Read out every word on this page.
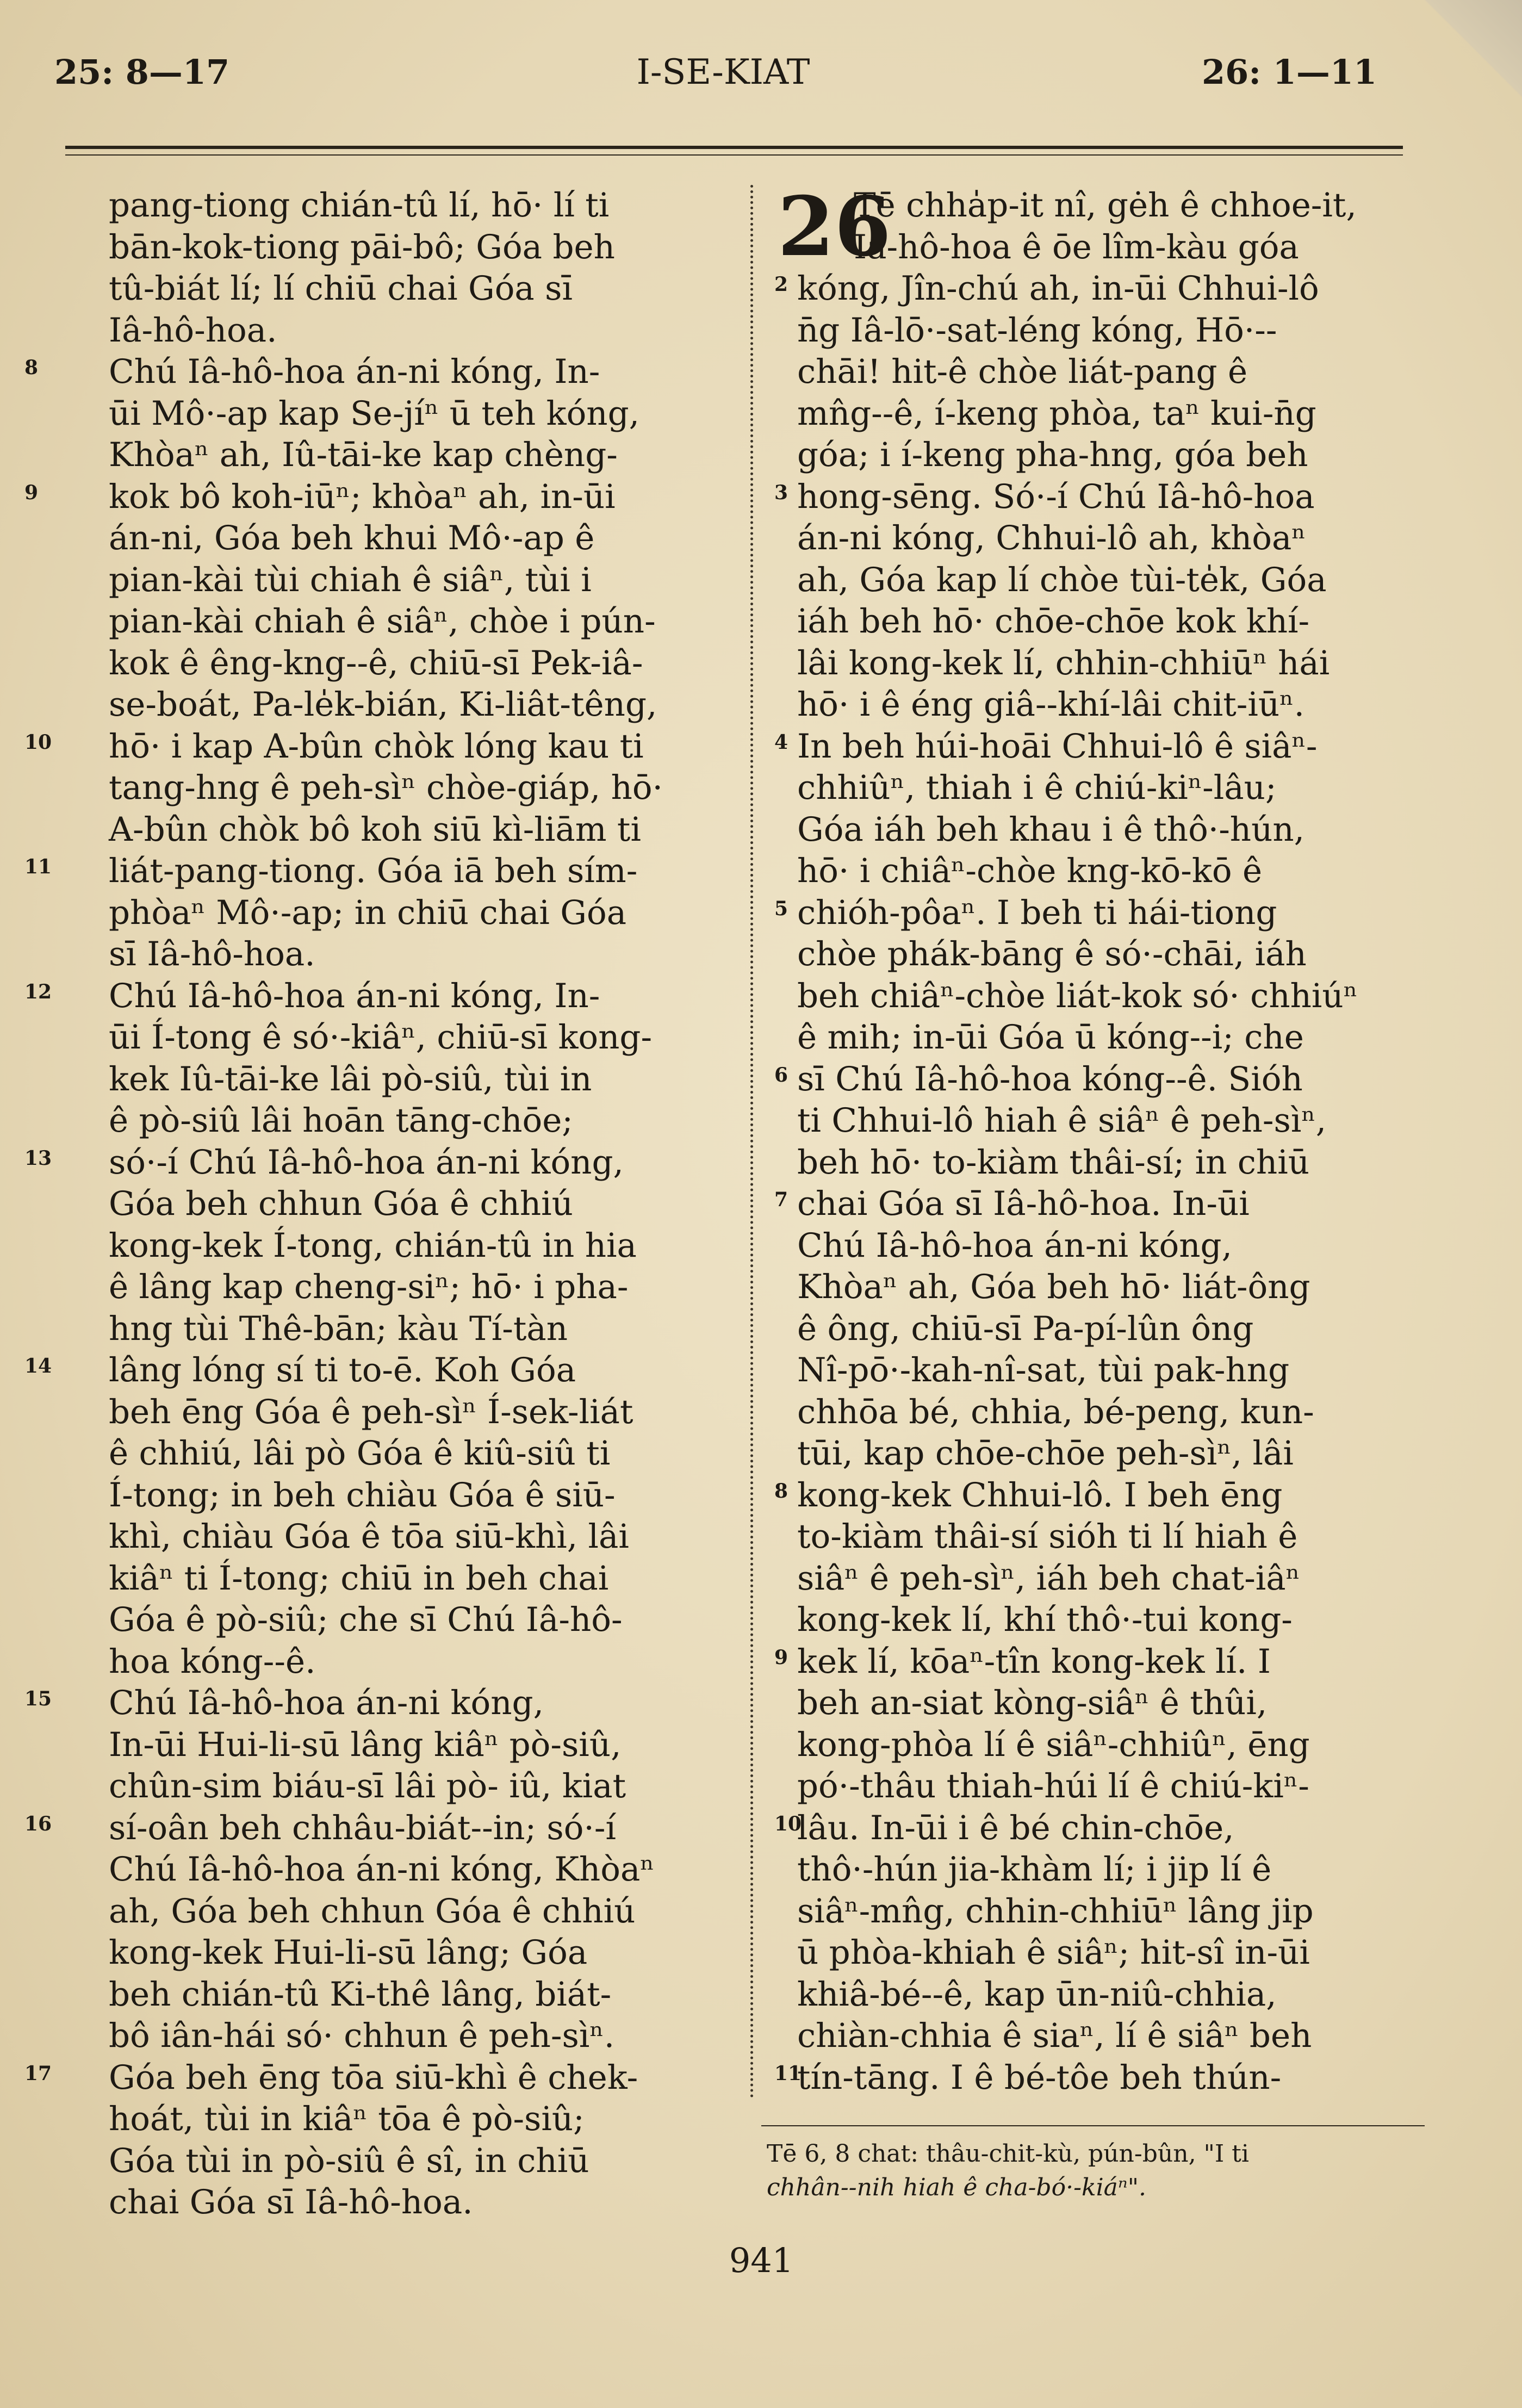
25: 8—17	I-SE-KIAT	26: 1—11
pang-tiong chián-tû lí, hō· lí ti
bān-kok-tiong pāi-bô; Góa beh
tû-biát lí; lí chiū chai Góa sī
Iâ-hô-hoa.
8	Chú Iâ-hô-hoa án-ni kóng, In-
ūi Mô·-ap kap Se-jíⁿ ū teh kóng,
Khòaⁿ ah, Iû-tāi-ke kap chèng-
9	kok bô koh-iūⁿ; khòaⁿ ah, in-ūi
án-ni, Góa beh khui Mô·-ap ê
pian-kài tùi chiah ê siâⁿ, tùi i
pian-kài chiah ê siâⁿ, chòe i pún-
kok ê êng-kng--ê, chiū-sī Pek-iâ-
se-boát, Pa-le̍k-bián, Ki-liât-têng,
10	hō· i kap A-bûn chòk lóng kau ti
tang-hng ê peh-sìⁿ chòe-giáp, hō·
A-bûn chòk bô koh siū kì-liām ti
11	liát-pang-tiong. Góa iā beh sím-
phòaⁿ Mô·-ap; in chiū chai Góa
sī Iâ-hô-hoa.
12	Chú Iâ-hô-hoa án-ni kóng, In-
ūi Í-tong ê só·-kiâⁿ, chiū-sī kong-
kek Iû-tāi-ke lâi pò-siû, tùi in
ê pò-siû lâi hoān tāng-chōe;
13	só·-í Chú Iâ-hô-hoa án-ni kóng,
Góa beh chhun Góa ê chhiú
kong-kek Í-tong, chián-tû in hia
ê lâng kap cheng-siⁿ; hō· i pha-
hng tùi Thê-bān; kàu Tí-tàn
14	lâng lóng sí ti to-ē. Koh Góa
beh ēng Góa ê peh-sìⁿ Í-sek-liát
ê chhiú, lâi pò Góa ê kiû-siû ti
Í-tong; in beh chiàu Góa ê siū-
khì, chiàu Góa ê tōa siū-khì, lâi
kiâⁿ ti Í-tong; chiū in beh chai
Góa ê pò-siû; che sī Chú Iâ-hô-
hoa kóng--ê.
15	Chú Iâ-hô-hoa án-ni kóng,
In-ūi Hui-li-sū lâng kiâⁿ pò-siû,
chûn-sim biáu-sī lâi pò- iû, kiat
16	sí-oân beh chhâu-biát--in; só·-í
Chú Iâ-hô-hoa án-ni kóng, Khòaⁿ
ah, Góa beh chhun Góa ê chhiú
kong-kek Hui-li-sū lâng; Góa
beh chián-tû Ki-thê lâng, biát-
bô iân-hái só· chhun ê peh-sìⁿ.
17	Góa beh ēng tōa siū-khì ê chek-
hoát, tùi in kiâⁿ tōa ê pò-siû;
Góa tùi in pò-siû ê sî, in chiū
chai Góa sī Iâ-hô-hoa.
Tē chha̍p-it nî, gėh ê chhoe-it,
26
Iâ-hô-hoa ê ōe lîm-kàu góa
2 kóng, Jîn-chú ah, in-ūi Chhui-lô
n̄g Iâ-lō·-sat-léng kóng, Hō·--
chāi! hit-ê chòe liát-pang ê
mn̂g--ê, í-keng phòa, taⁿ kui-n̄g
góa; i í-keng pha-hng, góa beh
3 hong-sēng. Só·-í Chú Iâ-hô-hoa
án-ni kóng, Chhui-lô ah, khòaⁿ
ah, Góa kap lí chòe tùi-te̍k, Góa
iáh beh hō· chōe-chōe kok khí-
lâi kong-kek lí, chhin-chhiūⁿ hái
hō· i ê éng giâ--khí-lâi chit-iūⁿ.
4 In beh húi-hoāi Chhui-lô ê siâⁿ-
chhiûⁿ, thiah i ê chiú-kiⁿ-lâu;
Góa iáh beh khau i ê thô·-hún,
hō· i chiâⁿ-chòe kng-kō-kō ê
5 chióh-pôaⁿ. I beh ti hái-tiong
chòe phák-bāng ê só·-chāi, iáh
beh chiâⁿ-chòe liát-kok só· chhiúⁿ
ê mih; in-ūi Góa ū kóng--i; che
6 sī Chú Iâ-hô-hoa kóng--ê. Sióh
ti Chhui-lô hiah ê siâⁿ ê peh-sìⁿ,
beh hō· to-kiàm thâi-sí; in chiū
7 chai Góa sī Iâ-hô-hoa. In-ūi
Chú Iâ-hô-hoa án-ni kóng,
Khòaⁿ ah, Góa beh hō· liát-ông
ê ông, chiū-sī Pa-pí-lûn ông
Nî-pō·-kah-nî-sat, tùi pak-hng
chhōa bé, chhia, bé-peng, kun-
tūi, kap chōe-chōe peh-sìⁿ, lâi
8 kong-kek Chhui-lô. I beh ēng
to-kiàm thâi-sí sióh ti lí hiah ê
siâⁿ ê peh-sìⁿ, iáh beh chat-iâⁿ
kong-kek lí, khí thô·-tui kong-
9 kek lí, kōaⁿ-tîn kong-kek lí. I
beh an-siat kòng-siâⁿ ê thûi,
kong-phòa lí ê siâⁿ-chhiûⁿ, ēng
pó·-thâu thiah-húi lí ê chiú-kiⁿ-
10
lâu. In-ūi i ê bé chin-chōe,
thô·-hún jia-khàm lí; i jip lí ê
siâⁿ-mn̂g, chhin-chhiūⁿ lâng jip
ū phòa-khiah ê siâⁿ; hit-sî in-ūi
khiâ-bé--ê, kap ūn-niû-chhia,
chiàn-chhia ê siaⁿ, lí ê siâⁿ beh
11
tín-tāng. I ê bé-tôe beh thún-
Tē 6, 8 chat: thâu-chit-kù, pún-bûn, "I ti
chhân--nih hiah ê cha-bó·-kiáⁿ".
941
